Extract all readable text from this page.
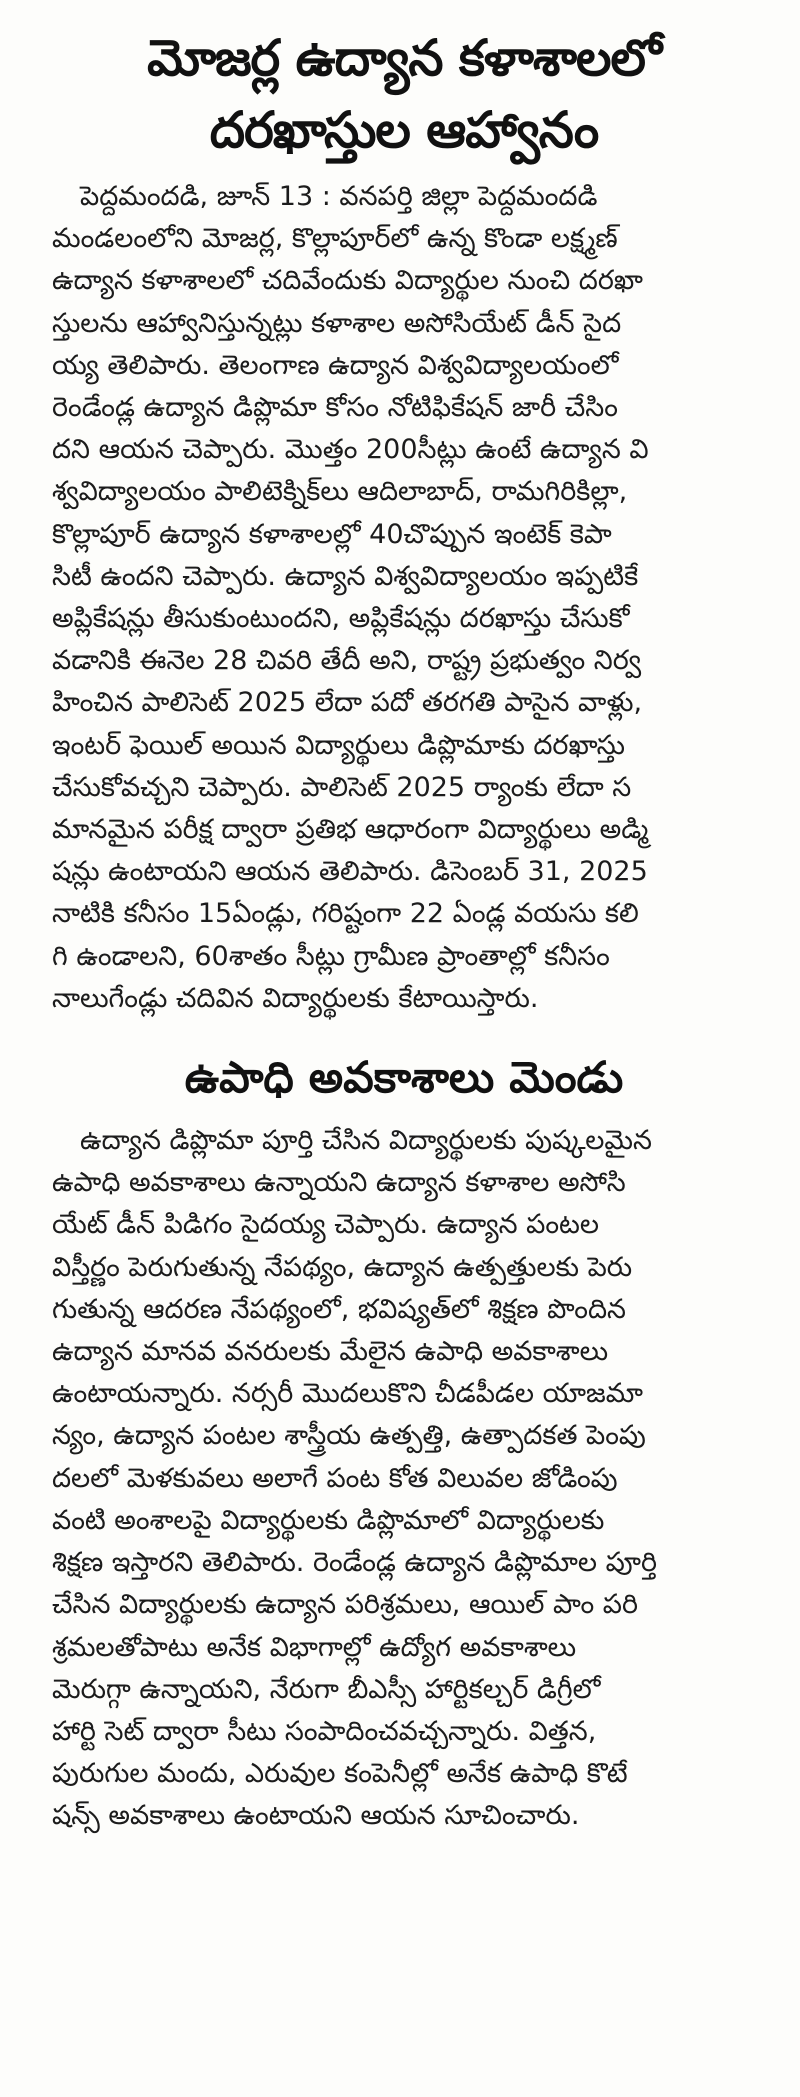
మోజర్ల ఉద్యాన కళాశాలలో
దరఖాస్తుల ఆహ్వానం
పెద్దమందడి, జూన్ 13 : వనపర్తి జిల్లా పెద్దమందడి
మండలంలోని మోజర్ల, కొల్లాపూర్‌లో ఉన్న కొండా లక్ష్మణ్
ఉద్యాన కళాశాలలో చదివేందుకు విద్యార్థుల నుంచి దరఖా
స్తులను ఆహ్వానిస్తున్నట్లు కళాశాల అసోసియేట్ డీన్ సైద
య్య తెలిపారు. తెలంగాణ ఉద్యాన విశ్వవిద్యాలయంలో
రెండేండ్ల ఉద్యాన డిప్లొమా కోసం నోటిఫికేషన్ జారీ చేసిం
దని ఆయన చెప్పారు. మొత్తం 200సీట్లు ఉంటే ఉద్యాన వి
శ్వవిద్యాలయం పాలిటెక్నిక్‌లు ఆదిలాబాద్, రామగిరికిల్లా,
కొల్లాపూర్ ఉద్యాన కళాశాలల్లో 40చొప్పున ఇంటెక్ కెపా
సిటీ ఉందని చెప్పారు. ఉద్యాన విశ్వవిద్యాలయం ఇప్పటికే
అప్లికేషన్లు తీసుకుంటుందని, అప్లికేషన్లు దరఖాస్తు చేసుకో
వడానికి ఈనెల 28 చివరి తేదీ అని, రాష్ట్ర ప్రభుత్వం నిర్వ
హించిన పాలిసెట్ 2025 లేదా పదో తరగతి పాసైన వాళ్లు,
ఇంటర్ ఫెయిల్ అయిన విద్యార్థులు డిప్లొమాకు దరఖాస్తు
చేసుకోవచ్చని చెప్పారు. పాలిసెట్ 2025 ర్యాంకు లేదా స
మానమైన పరీక్ష ద్వారా ప్రతిభ ఆధారంగా విద్యార్థులు అడ్మి
షన్లు ఉంటాయని ఆయన తెలిపారు. డిసెంబర్ 31, 2025
నాటికి కనీసం 15ఏండ్లు, గరిష్టంగా 22 ఏండ్ల వయసు కలి
గి ఉండాలని, 60శాతం సీట్లు గ్రామీణ ప్రాంతాల్లో కనీసం
నాలుగేండ్లు చదివిన విద్యార్థులకు కేటాయిస్తారు.
ఉపాధి అవకాశాలు మెండు
ఉద్యాన డిప్లొమా పూర్తి చేసిన విద్యార్థులకు పుష్కలమైన
ఉపాధి అవకాశాలు ఉన్నాయని ఉద్యాన కళాశాల అసోసి
యేట్ డీన్ పిడిగం సైదయ్య చెప్పారు. ఉద్యాన పంటల
విస్తీర్ణం పెరుగుతున్న నేపథ్యం, ఉద్యాన ఉత్పత్తులకు పెరు
గుతున్న ఆదరణ నేపథ్యంలో, భవిష్యత్‌లో శిక్షణ పొందిన
ఉద్యాన మానవ వనరులకు మేలైన ఉపాధి అవకాశాలు
ఉంటాయన్నారు. నర్సరీ మొదలుకొని చీడపీడల యాజమా
న్యం, ఉద్యాన పంటల శాస్త్రీయ ఉత్పత్తి, ఉత్పాదకత పెంపు
దలలో మెళకువలు అలాగే పంట కోత విలువల జోడింపు
వంటి అంశాలపై విద్యార్థులకు డిప్లొమాలో విద్యార్థులకు
శిక్షణ ఇస్తారని తెలిపారు. రెండేండ్ల ఉద్యాన డిప్లొమాల పూర్తి
చేసిన విద్యార్థులకు ఉద్యాన పరిశ్రమలు, ఆయిల్ పాం పరి
శ్రమలతోపాటు అనేక విభాగాల్లో ఉద్యోగ అవకాశాలు
మెరుగ్గా ఉన్నాయని, నేరుగా బీఎస్సీ హార్టికల్చర్ డిగ్రీలో
హార్టి సెట్ ద్వారా సీటు సంపాదించవచ్చన్నారు. విత్తన,
పురుగుల మందు, ఎరువుల కంపెనీల్లో అనేక ఉపాధి కొటే
షన్స్ అవకాశాలు ఉంటాయని ఆయన సూచించారు.
